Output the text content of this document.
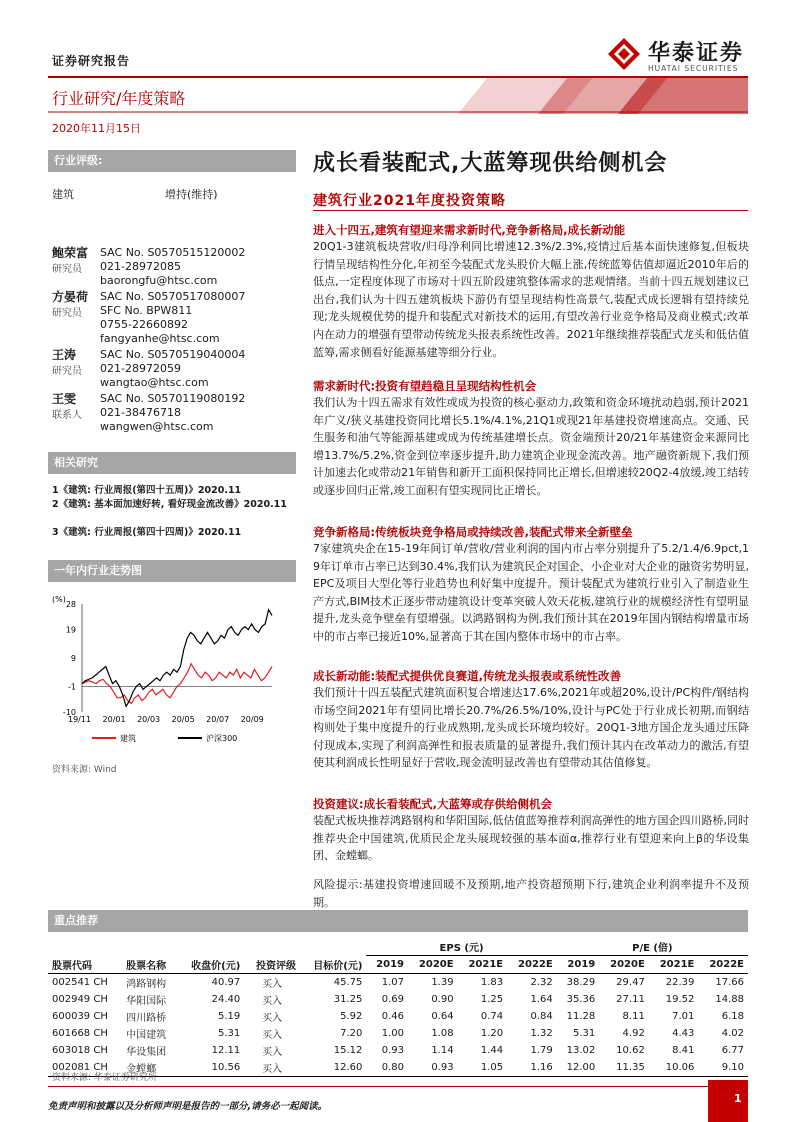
证券研究报告	华泰证券
HUATAI SECURITIES
行业研究/年度策略
2020年11月15日
行业评级:
建筑	增持(维持)
鲍荣富
研究员
SAC No. S0570515120002
021-28972085
baorongfu@htsc.com
方晏荷
研究员
SAC No. S0570517080007
SFC No. BPW811
0755-22660892
fangyanhe@htsc.com
王涛
研究员
SAC No. S0570519040004
021-28972059
wangtao@htsc.com
王雯
联系人
SAC No. S0570119080192
021-38476718
wangwen@htsc.com
相关研究
1《建筑: 行业周报(第四十五周)》2020.11
2《建筑: 基本面加速好转, 看好现金流改善》2020.11
3《建筑: 行业周报(第四十四周)》2020.11
一年内行业走势图
(%)
28
19
9
-1
-10
19/11 20/01 20/03 20/05 20/07 20/09
建筑	沪深300
资料来源: Wind
成长看装配式,大蓝筹现供给侧机会
建筑行业2021年度投资策略
进入十四五,建筑有望迎来需求新时代,竞争新格局,成长新动能
20Q1-3建筑板块营收/归母净利同比增速12.3%/2.3%,疫情过后基本面快速修复,但板块行情呈现结构性分化,年初至今装配式龙头股价大幅上涨,传统蓝筹估值却逼近2010年后的低点,一定程度体现了市场对十四五阶段建筑整体需求的悲观情绪。当前十四五规划建议已出台,我们认为十四五建筑板块下游仍有望呈现结构性高景气,装配式成长逻辑有望持续兑现;龙头规模优势的提升和装配式对新技术的运用,有望改善行业竞争格局及商业模式;改革内在动力的增强有望带动传统龙头报表系统性改善。2021年继续推荐装配式龙头和低估值蓝筹,需求侧看好能源基建等细分行业。
需求新时代:投资有望趋稳且呈现结构性机会
我们认为十四五需求有效性或成为投资的核心驱动力,政策和资金环境扰动趋弱,预计2021年广义/狭义基建投资同比增长5.1%/4.1%,21Q1或现21年基建投资增速高点。交通、民生服务和油气等能源基建或成为传统基建增长点。资金端预计20/21年基建资金来源同比增13.7%/5.2%,资金到位率逐步提升,助力建筑企业现金流改善。地产融资新规下,我们预计加速去化或带动21年销售和新开工面积保持同比正增长,但增速较20Q2-4放缓,竣工结转或逐步回归正常,竣工面积有望实现同比正增长。
竞争新格局:传统板块竞争格局或持续改善,装配式带来全新壁垒
7家建筑央企在15-19年间订单/营收/营业利润的国内市占率分别提升了5.2/1.4/6.9pct,19年订单市占率已达到30.4%,我们认为建筑民企对国企、小企业对大企业的融资劣势明显,EPC及项目大型化等行业趋势也利好集中度提升。预计装配式为建筑行业引入了制造业生产方式,BIM技术正逐步带动建筑设计变革突破人效天花板,建筑行业的规模经济性有望明显提升,龙头竞争壁垒有望增强。以鸿路钢构为例,我们预计其在2019年国内钢结构增量市场中的市占率已接近10%,显著高于其在国内整体市场中的市占率。
成长新动能:装配式提供优良赛道,传统龙头报表或系统性改善
我们预计十四五装配式建筑面积复合增速达17.6%,2021年或超20%,设计/PC构件/钢结构市场空间2021年有望同比增长20.7%/26.5%/10%,设计与PC处于行业成长初期,而钢结构则处于集中度提升的行业成熟期,龙头成长环境均较好。20Q1-3地方国企龙头通过压降付现成本,实现了利润高弹性和报表质量的显著提升,我们预计其内在改革动力的激活,有望使其利润成长性明显好于营收,现金流明显改善也有望带动其估值修复。
投资建议:成长看装配式,大蓝筹或存供给侧机会
装配式板块推荐鸿路钢构和华阳国际,低估值蓝筹推荐利润高弹性的地方国企四川路桥,同时推荐央企中国建筑,优质民企龙头展现较强的基本面α,推荐行业有望迎来向上β的华设集团、金螳螂。
风险提示:基建投资增速回暖不及预期,地产投资超预期下行,建筑企业利润率提升不及预期。
重点推荐
					EPS (元)				P/E (倍)			
股票代码	股票名称	收盘价(元)	投资评级	目标价(元)	2019	2020E	2021E	2022E	2019	2020E	2021E	2022E
002541 CH	鸿路钢构	40.97	买入	45.75	1.07	1.39	1.83	2.32	38.29	29.47	22.39	17.66
002949 CH	华阳国际	24.40	买入	31.25	0.69	0.90	1.25	1.64	35.36	27.11	19.52	14.88
600039 CH	四川路桥	5.19	买入	5.92	0.46	0.64	0.74	0.84	11.28	8.11	7.01	6.18
601668 CH	中国建筑	5.31	买入	7.20	1.00	1.08	1.20	1.32	5.31	4.92	4.43	4.02
603018 CH	华设集团	12.11	买入	15.12	0.93	1.14	1.44	1.79	13.02	10.62	8.41	6.77
002081 CH	金螳螂	10.56	买入	12.60	0.80	0.93	1.05	1.16	12.00	11.35	10.06	9.10
资料来源: 华泰证券研究所
免责声明和披露以及分析师声明是报告的一部分,请务必一起阅读。
1
